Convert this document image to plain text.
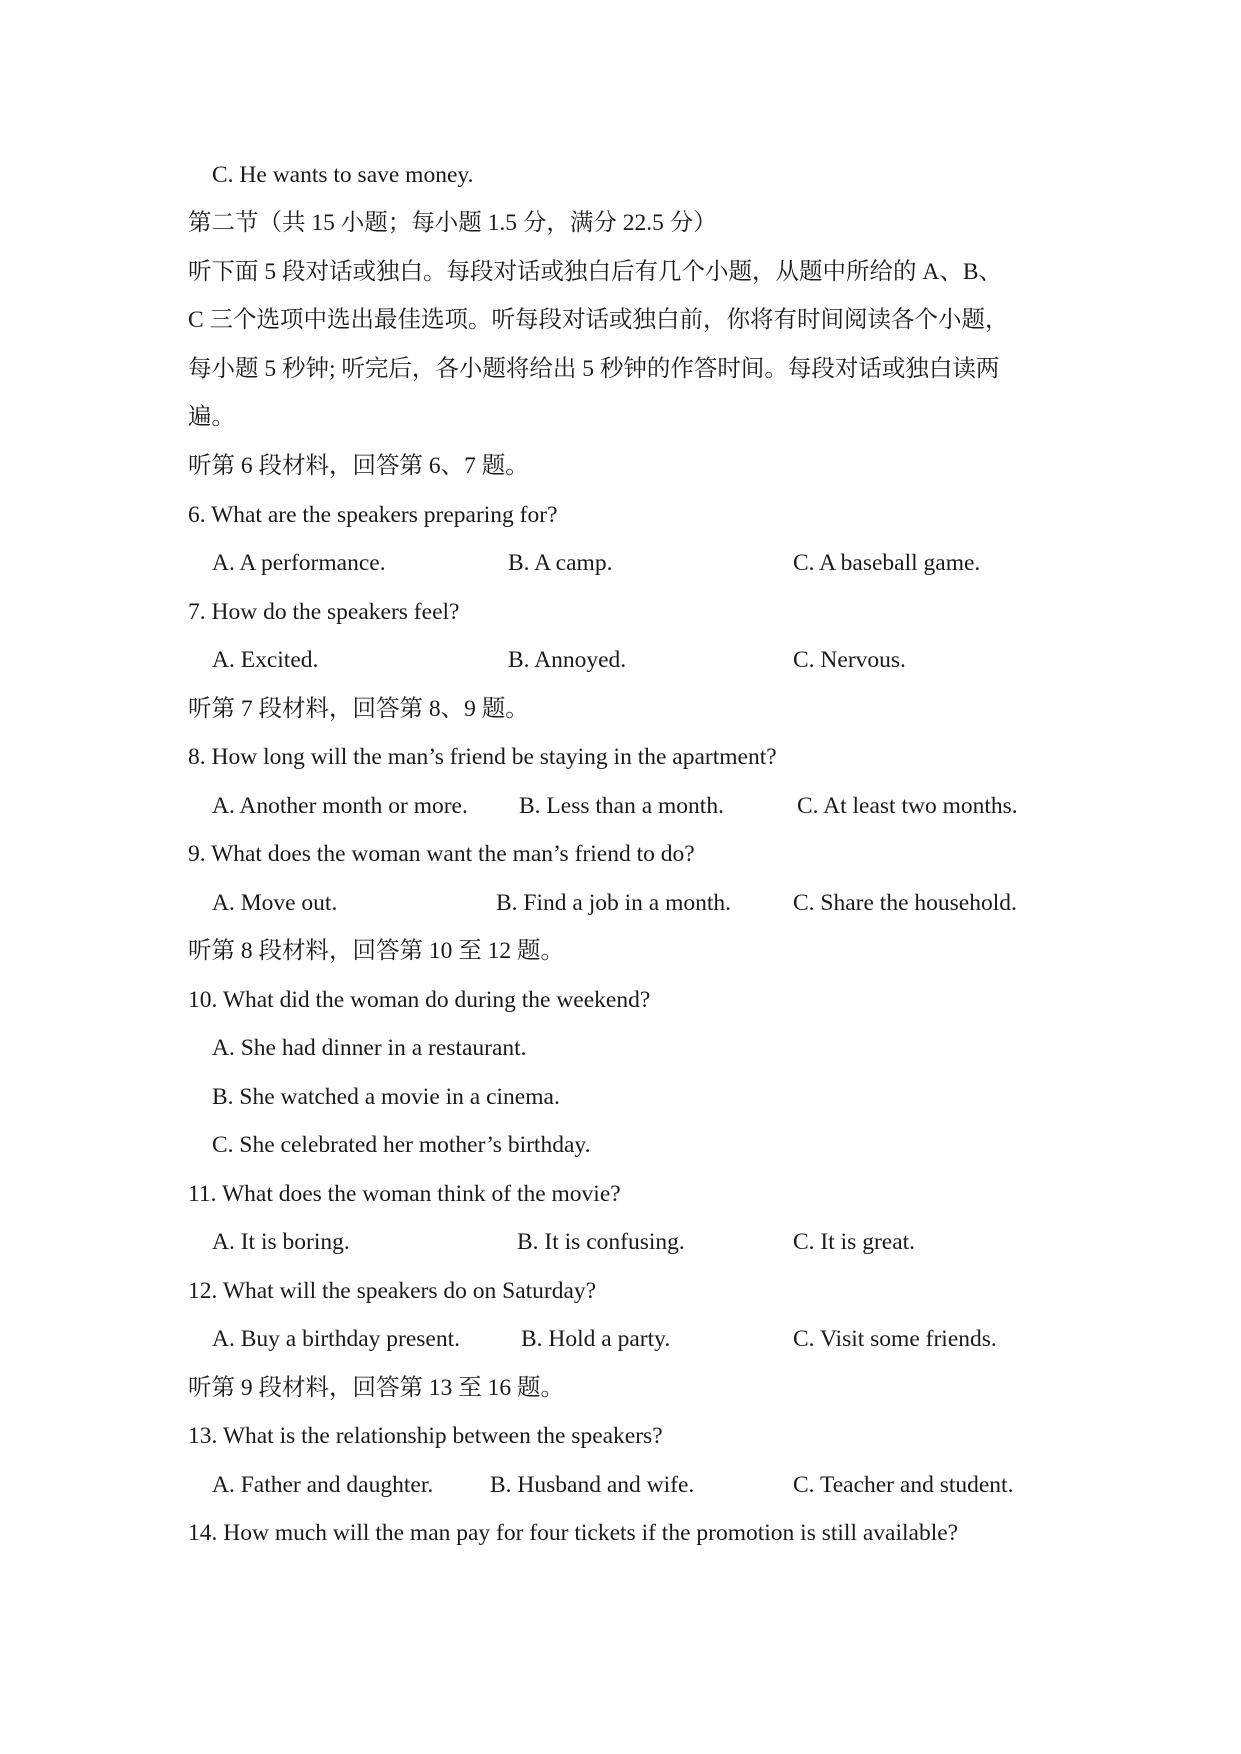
C. He wants to save money.
第二节（共 15 小题；每小题 1.5 分，满分 22.5 分）
听下面 5 段对话或独白。每段对话或独白后有几个小题，从题中所给的 A、B、
C 三个选项中选出最佳选项。听每段对话或独白前，你将有时间阅读各个小题，
每小题 5 秒钟; 听完后，各小题将给出 5 秒钟的作答时间。每段对话或独白读两
遍。
听第 6 段材料，回答第 6、7 题。
6. What are the speakers preparing for?
A. A performance.	B. A camp.	C. A baseball game.
7. How do the speakers feel?
A. Excited.	B. Annoyed.	C. Nervous.
听第 7 段材料，回答第 8、9 题。
8. How long will the man’s friend be staying in the apartment?
A. Another month or more. B. Less than a month.	C. At least two months.
9. What does the woman want the man’s friend to do?
A. Move out.	B. Find a job in a month.	C. Share the household.
听第 8 段材料，回答第 10 至 12 题。
10. What did the woman do during the weekend?
A. She had dinner in a restaurant.
B. She watched a movie in a cinema.
C. She celebrated her mother’s birthday.
11. What does the woman think of the movie?
A. It is boring.	B. It is confusing.	C. It is great.
12. What will the speakers do on Saturday?
A. Buy a birthday present.	B. Hold a party.	C. Visit some friends.
听第 9 段材料，回答第 13 至 16 题。
13. What is the relationship between the speakers?
A. Father and daughter. B. Husband and wife.	C. Teacher and student.
14. How much will the man pay for four tickets if the promotion is still available?
